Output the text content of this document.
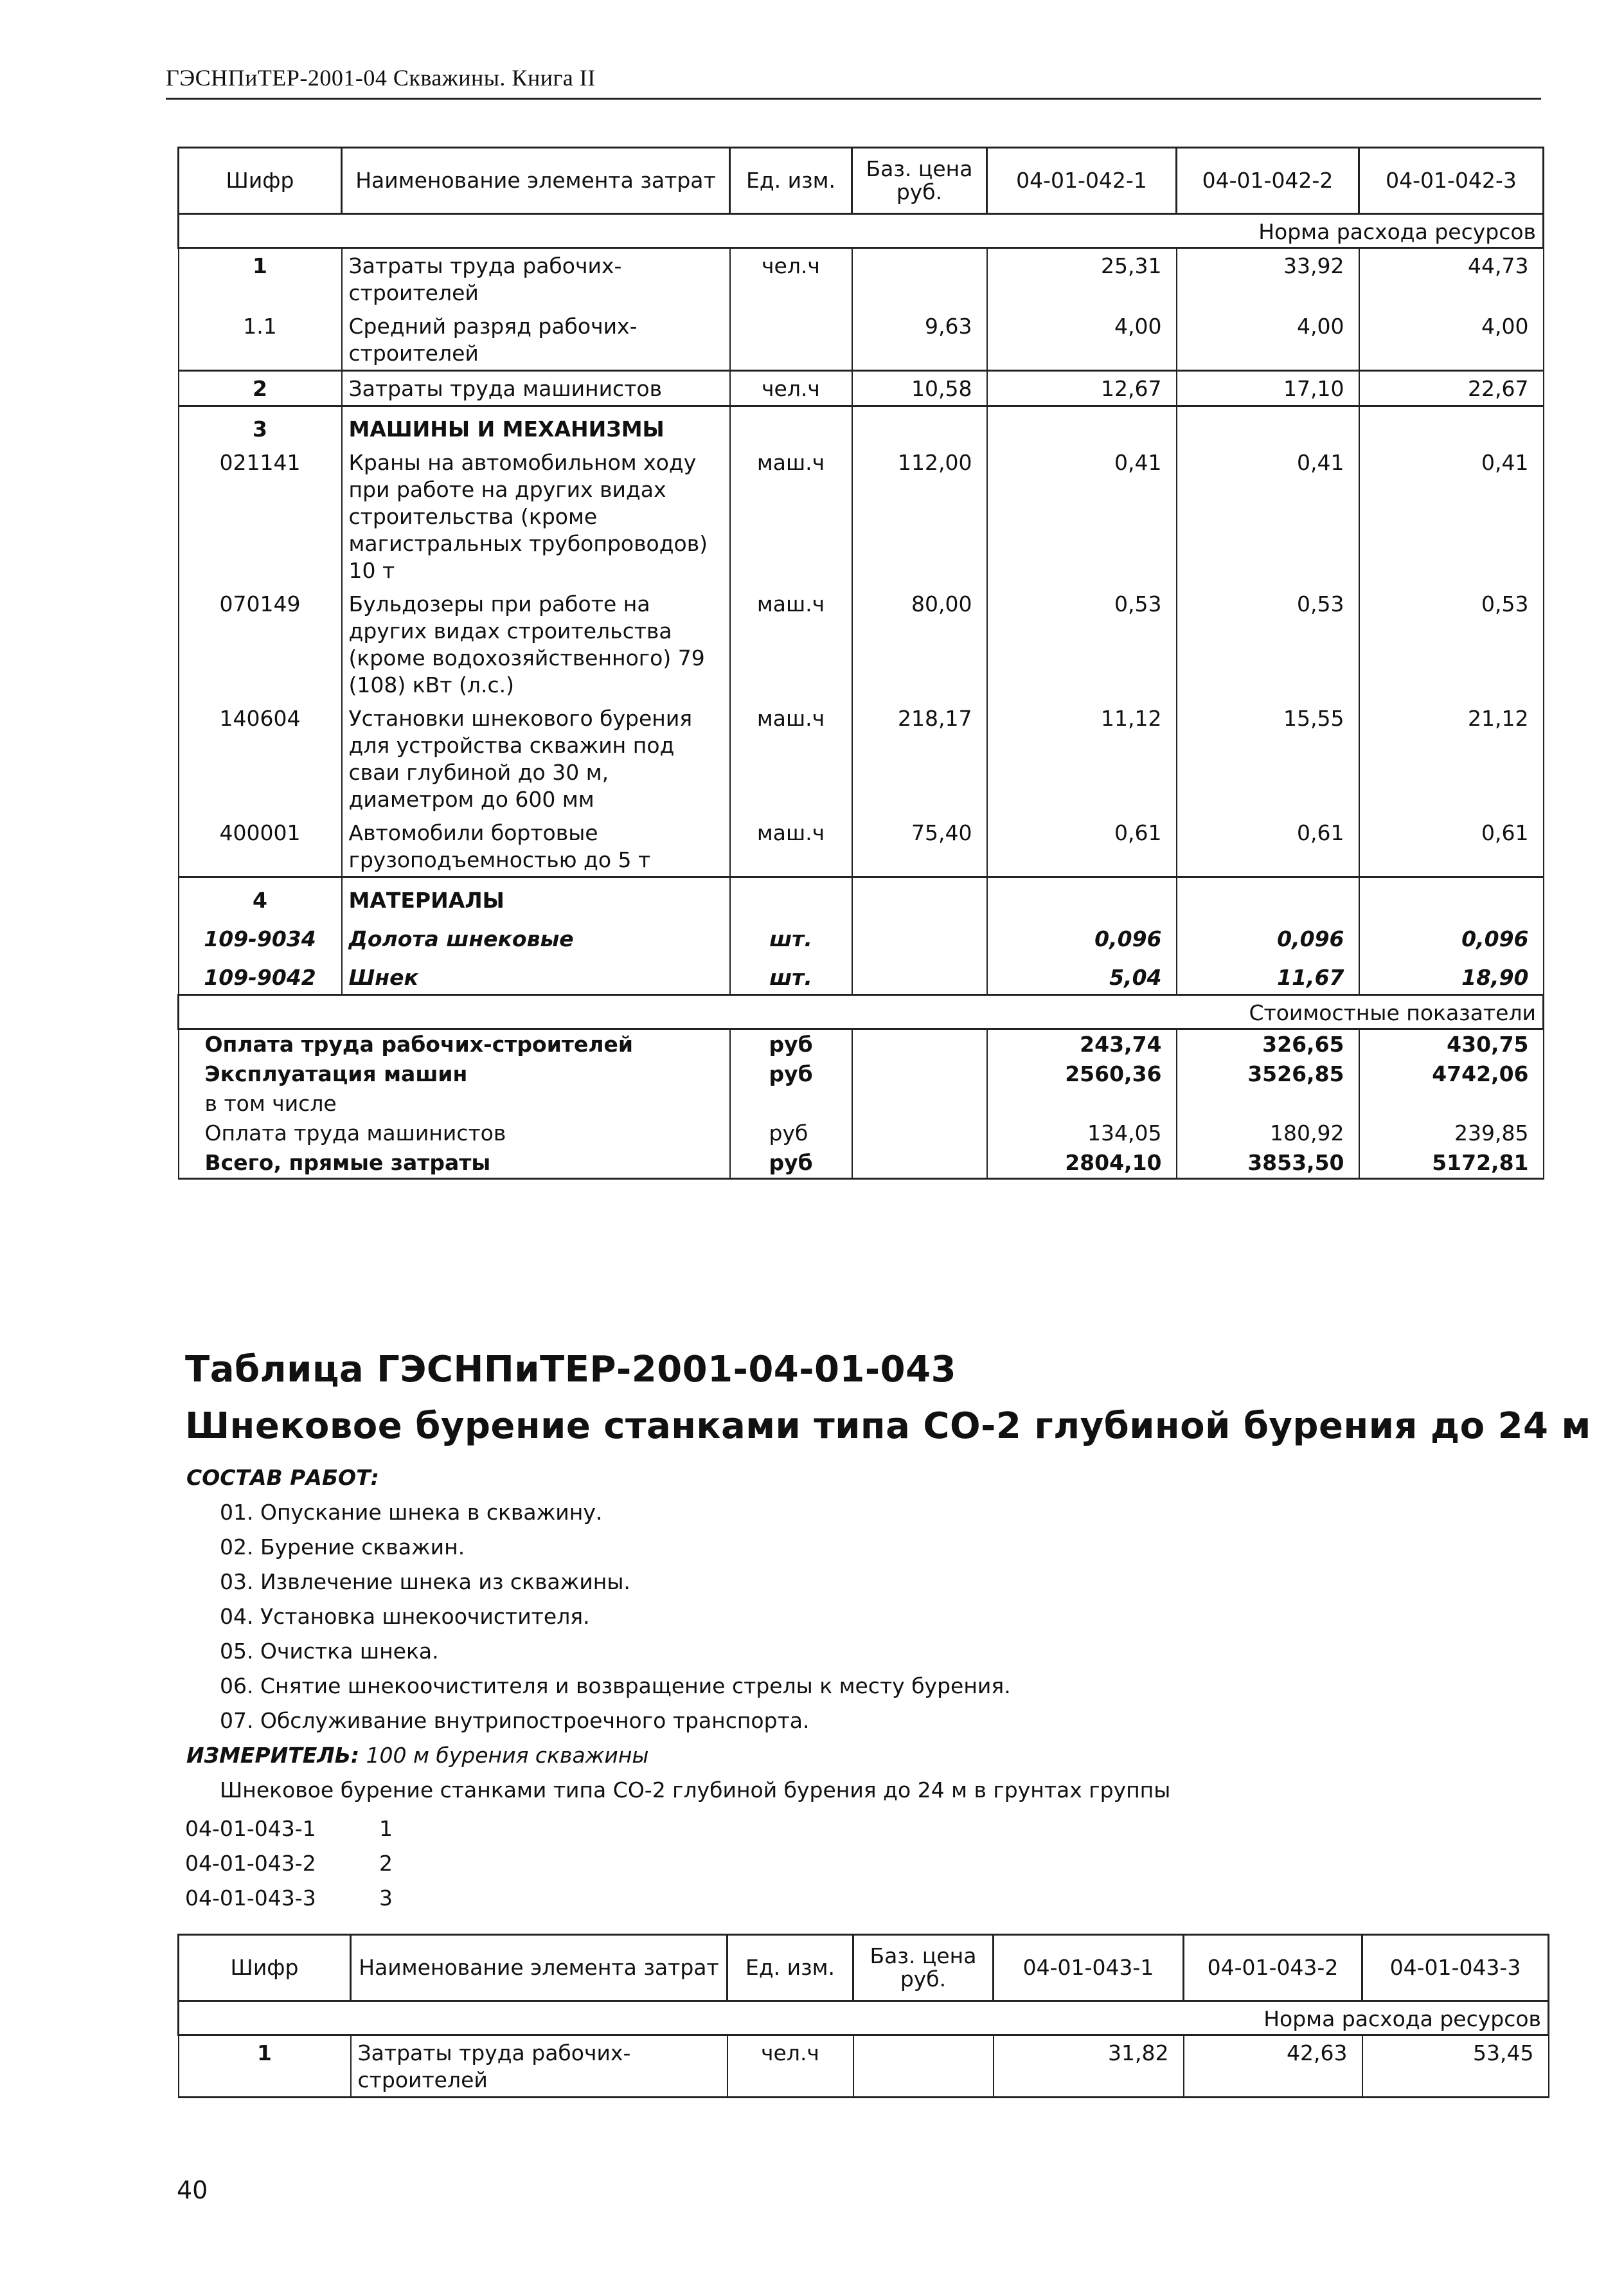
ГЭСНПиТЕР-2001-04 Скважины. Книга II
Шифр	Наименование элемента затрат	Ед. изм.	Баз. цена руб.	04-01-042-1	04-01-042-2	04-01-042-3
				Норма расхода ресурсов		
1	Затраты труда рабочих-строителей	чел.ч		25,31	33,92	44,73
1.1	Средний разряд рабочих-строителей		9,63	4,00	4,00	4,00
2	Затраты труда машинистов	чел.ч	10,58	12,67	17,10	22,67
3	МАШИНЫ И МЕХАНИЗМЫ					
021141	Краны на автомобильном ходу при работе на других видах строительства (кроме магистральных трубопроводов) 10 т	маш.ч	112,00	0,41	0,41	0,41
070149	Бульдозеры при работе на других видах строительства (кроме водохозяйственного) 79 (108) кВт (л.с.)	маш.ч	80,00	0,53	0,53	0,53
140604	Установки шнекового бурения для устройства скважин под сваи глубиной до 30 м, диаметром до 600 мм	маш.ч	218,17	11,12	15,55	21,12
400001	Автомобили бортовые грузоподъемностью до 5 т	маш.ч	75,40	0,61	0,61	0,61
4	МАТЕРИАЛЫ					
109-9034	Долота шнековые	шт.		0,096	0,096	0,096
109-9042	Шнек	шт.		5,04	11,67	18,90
				Стоимостные показатели		
Оплата труда рабочих-строителей		руб		243,74	326,65	430,75
Эксплуатация машин		руб		2560,36	3526,85	4742,06
в том числе						
Оплата труда машинистов		руб		134,05	180,92	239,85
Всего, прямые затраты		руб		2804,10	3853,50	5172,81
Таблица ГЭСНПиТЕР-2001-04-01-043
Шнековое бурение станками типа СО-2 глубиной бурения до 24 м
СОСТАВ РАБОТ:
01. Опускание шнека в скважину.
02. Бурение скважин.
03. Извлечение шнека из скважины.
04. Установка шнекоочистителя.
05. Очистка шнека.
06. Снятие шнекоочистителя и возвращение стрелы к месту бурения.
07. Обслуживание внутрипостроечного транспорта.
ИЗМЕРИТЕЛЬ: 100 м бурения скважины
Шнековое бурение станками типа СО-2 глубиной бурения до 24 м в грунтах группы
04-01-043-1	1
04-01-043-2	2
04-01-043-3	3
Шифр	Наименование элемента затрат	Ед. изм.	Баз. цена руб.	04-01-043-1	04-01-043-2	04-01-043-3
				Норма расхода ресурсов		
1	Затраты труда рабочих-строителей	чел.ч		31,82	42,63	53,45
40
